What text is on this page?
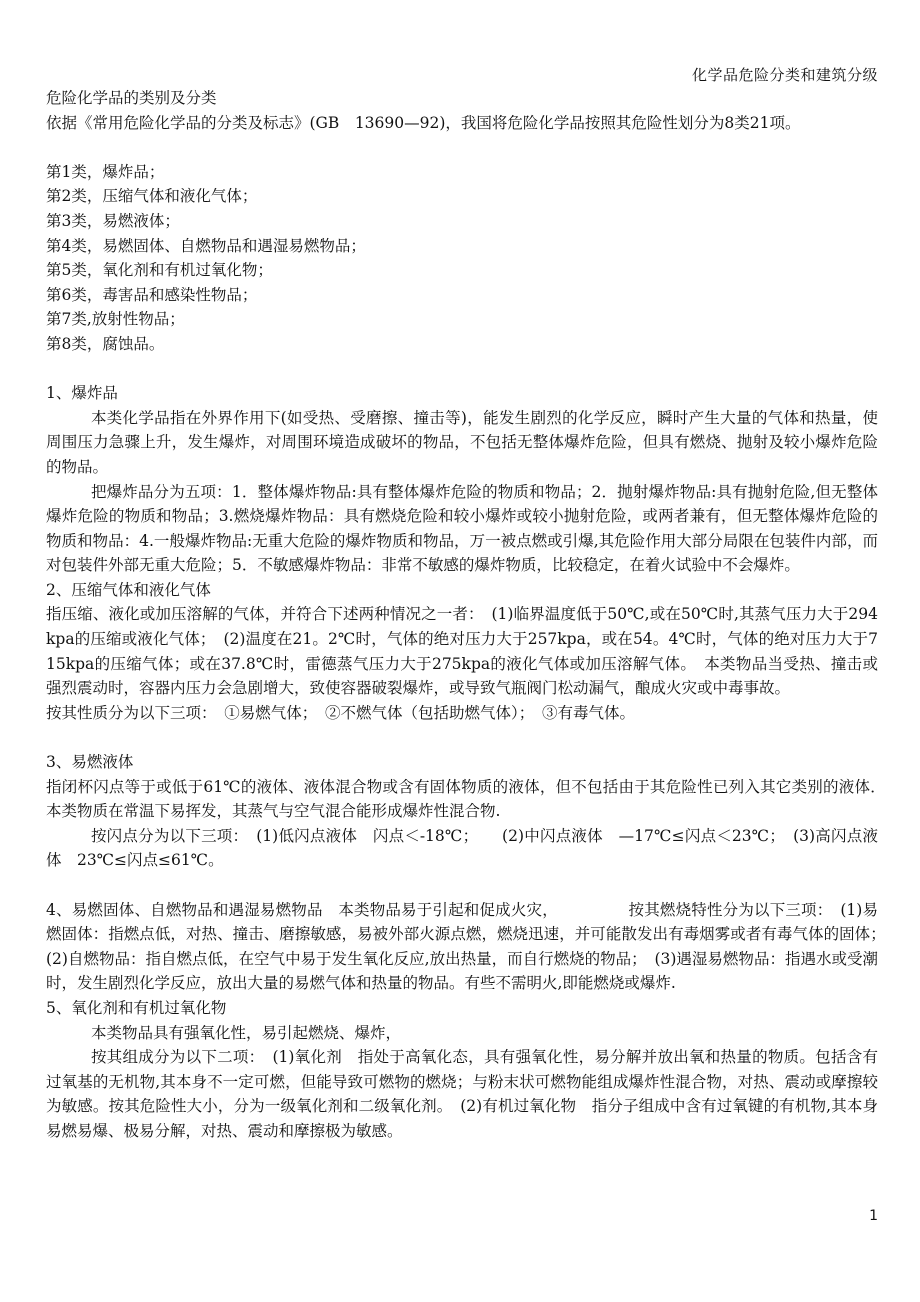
化学品危险分类和建筑分级

危险化学品的类别及分类

依据《常用危险化学品的分类及标志》(GB　13690—92)，我国将危险化学品按照其危险性划分为8类21项。

第1类，爆炸品；

第2类，压缩气体和液化气体；

第3类，易燃液体；

第4类，易燃固体、自燃物品和遇湿易燃物品；

第5类，氧化剂和有机过氧化物；

第6类，毒害品和感染性物品；

第7类,放射性物品；

第8类，腐蚀品。

1、爆炸品

本类化学品指在外界作用下(如受热、受磨擦、撞击等)，能发生剧烈的化学反应，瞬时产生大量的气体和热量，使周围压力急骤上升，发生爆炸，对周围环境造成破坏的物品，不包括无整体爆炸危险，但具有燃烧、抛射及较小爆炸危险的物品。

把爆炸品分为五项：1．整体爆炸物品:具有整体爆炸危险的物质和物品；2．抛射爆炸物品:具有抛射危险,但无整体爆炸危险的物质和物品；3.燃烧爆炸物品：具有燃烧危险和较小爆炸或较小抛射危险，或两者兼有，但无整体爆炸危险的物质和物品：4.一般爆炸物品:无重大危险的爆炸物质和物品，万一被点燃或引爆,其危险作用大部分局限在包装件内部，而对包装件外部无重大危险；5．不敏感爆炸物品：非常不敏感的爆炸物质，比较稳定，在着火试验中不会爆炸。

2、压缩气体和液化气体

指压缩、液化或加压溶解的气体，并符合下述两种情况之一者：　(1)临界温度低于50℃,或在50℃时,其蒸气压力大于294kpa的压缩或液化气体；　(2)温度在21。2℃时，气体的绝对压力大于257kpa，或在54。4℃时，气体的绝对压力大于715kpa的压缩气体；或在37.8℃时，雷德蒸气压力大于275kpa的液化气体或加压溶解气体。　本类物品当受热、撞击或强烈震动时，容器内压力会急剧增大，致使容器破裂爆炸，或导致气瓶阀门松动漏气，酿成火灾或中毒事故。

按其性质分为以下三项：　①易燃气体；　②不燃气体（包括助燃气体）；　③有毒气体。

3、易燃液体

指闭杯闪点等于或低于61℃的液体、液体混合物或含有固体物质的液体，但不包括由于其危险性已列入其它类别的液体．　本类物质在常温下易挥发，其蒸气与空气混合能形成爆炸性混合物.

按闪点分为以下三项：　(1)低闪点液体　闪点＜-18℃；　　(2)中闪点液体　—17℃≤闪点＜23℃；　(3)高闪点液体　23℃≤闪点≤61℃。

4、易燃固体、自燃物品和遇湿易燃物品　本类物品易于引起和促成火灾，　　　　　按其燃烧特性分为以下三项：　(1)易燃固体：指燃点低，对热、撞击、磨擦敏感，易被外部火源点燃，燃烧迅速，并可能散发出有毒烟雾或者有毒气体的固体；　(2)自燃物品：指自燃点低，在空气中易于发生氧化反应,放出热量，而自行燃烧的物品；　(3)遇湿易燃物品：指遇水或受潮时，发生剧烈化学反应，放出大量的易燃气体和热量的物品。有些不需明火,即能燃烧或爆炸.

5、氧化剂和有机过氧化物

本类物品具有强氧化性，易引起燃烧、爆炸，

按其组成分为以下二项：　(1)氧化剂　指处于高氧化态，具有强氧化性，易分解并放出氧和热量的物质。包括含有过氧基的无机物,其本身不一定可燃，但能导致可燃物的燃烧；与粉末状可燃物能组成爆炸性混合物，对热、震动或摩擦较为敏感。按其危险性大小，分为一级氧化剂和二级氧化剂。　(2)有机过氧化物　指分子组成中含有过氧键的有机物,其本身易燃易爆、极易分解，对热、震动和摩擦极为敏感。

1
